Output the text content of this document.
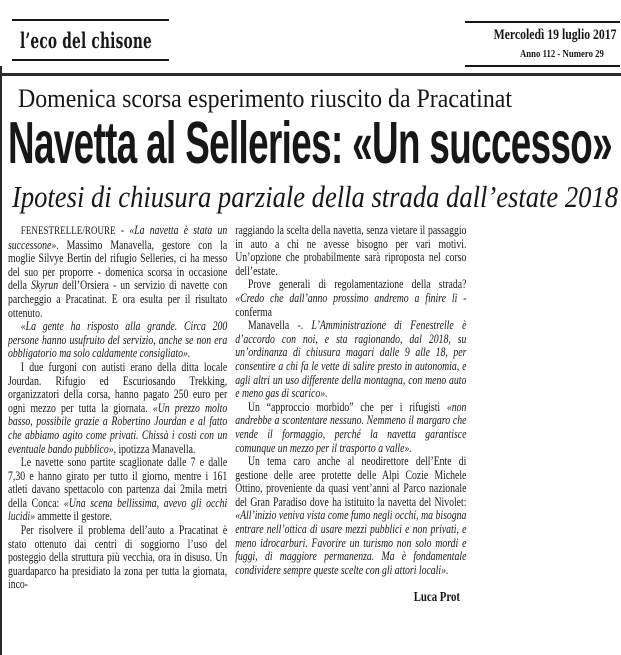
l’eco del chisone	Mercoledì 19 luglio 2017
Anno 112 - Numero 29
Domenica scorsa esperimento riuscito da Pracatinat
Navetta al Selleries: «Un successo»
Ipotesi di chiusura parziale della strada dall’estate 2018

FENESTRELLE/ROURE - «La navetta è stata un successone». Massimo Manavella, gestore con la moglie Silvye Bertin del rifugio Selleries, ci ha messo del suo per proporre - domenica scorsa in occasione della Skyrun dell’Orsiera - un servizio di navette con parcheggio a Pracatinat. E ora esulta per il risultato ottenuto.

«La gente ha risposto alla grande. Circa 200 persone hanno usufruito del servizio, anche se non era obbligatorio ma solo caldamente consigliato».

I due furgoni con autisti erano della ditta locale Jourdan. Rifugio ed Escuriosando Trekking, organizzatori della corsa, hanno pagato 250 euro per ogni mezzo per tutta la giornata. «Un prezzo molto basso, possibile grazie a Robertino Jourdan e al fatto che abbiamo agito come privati. Chissà i costi con un eventuale bando pubblico», ipotizza Manavella.

Le navette sono partite scaglionate dalle 7 e dalle 7,30 e hanno girato per tutto il giorno, mentre i 161 atleti davano spettacolo con partenza dai 2mila metri della Conca: «Una scena bellissima, avevo gli occhi lucidi» ammette il gestore.

Per risolvere il problema dell’auto a Pracatinat è stato ottenuto dai centri di soggiorno l’uso del posteggio della struttura più vecchia, ora in disuso. Un guardaparco ha presidiato la zona per tutta la giornata, inco-

raggiando la scelta della navetta, senza vietare il passaggio in auto a chi ne avesse bisogno per vari motivi. Un’opzione che probabilmente sarà riproposta nel corso dell’estate.

Prove generali di regolamentazione della strada? «Credo che dall’anno prossimo andremo a finire lì - conferma

Manavella -. L’Amministrazione di Fenestrelle è d’accordo con noi, e sta ragionando, dal 2018, su un’ordinanza di chiusura magari dalle 9 alle 18, per consentire a chi fa le vette di salire presto in autonomia, e agli altri un uso differente della montagna, con meno auto e meno gas di scarico».

Un “approccio morbido” che per i rifugisti «non andrebbe a scontentare nessuno. Nemmeno il margaro che vende il formaggio, perché la navetta garantisce comunque un mezzo per il trasporto a valle».

Un tema caro anche al neodirettore dell’Ente di gestione delle aree protette delle Alpi Cozie Michele Ottino, proveniente da quasi vent’anni al Parco nazionale del Gran Paradiso dove ha istituito la navetta del Nivolet: «All’inizio veniva vista come fumo negli occhi, ma bisogna entrare nell’ottica di usare mezzi pubblici e non privati, e meno idrocarburi. Favorire un turismo non solo mordi e fuggi, di maggiore permanenza. Ma è fondamentale condividere sempre queste scelte con gli attori locali».

Luca Prot
